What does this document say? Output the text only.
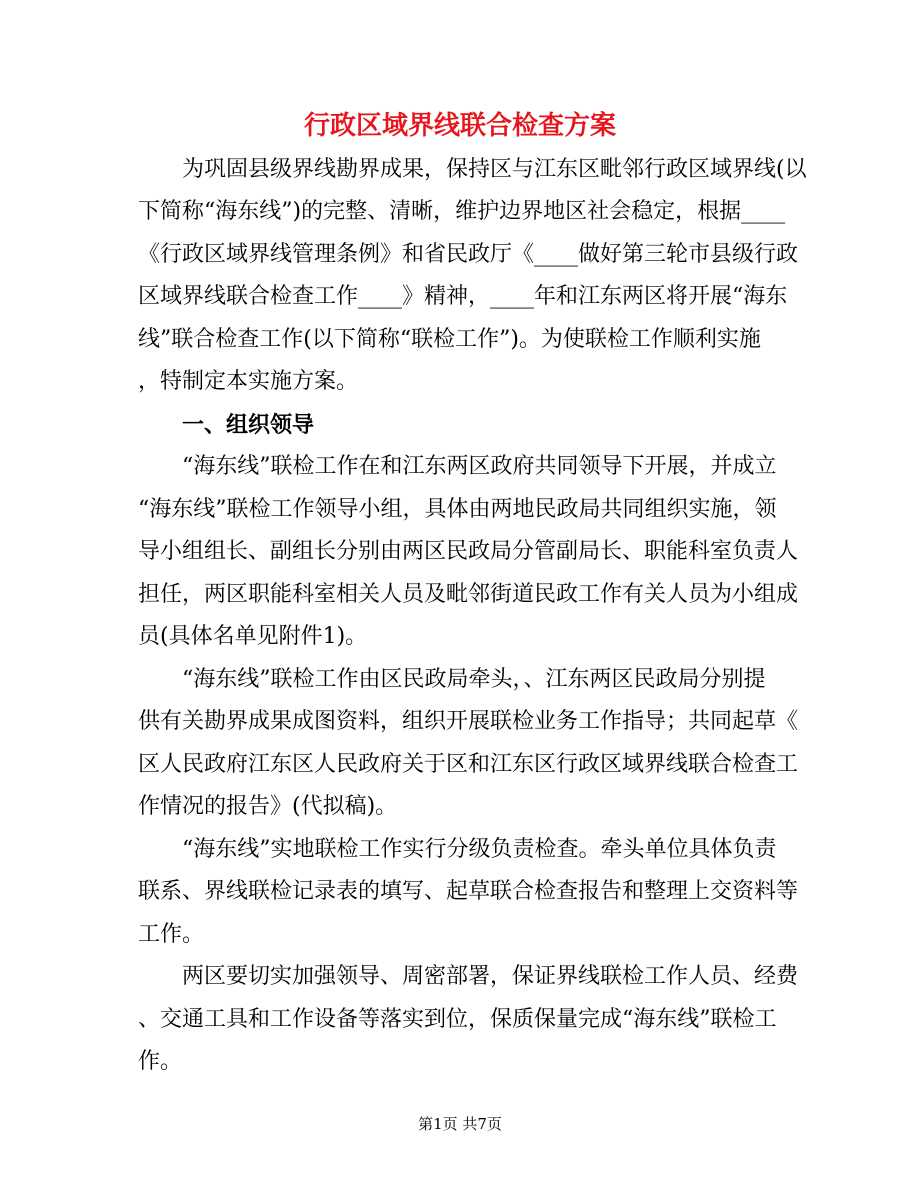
行政区域界线联合检查方案

　　为巩固县级界线勘界成果，保持区与江东区毗邻行政区域界线(以

下简称“海东线”)的完整、清晰，维护边界地区社会稳定，根据____

《行政区域界线管理条例》和省民政厅《____做好第三轮市县级行政

区域界线联合检查工作____》精神，____年和江东两区将开展“海东

线”联合检查工作(以下简称“联检工作”)。为使联检工作顺利实施

，特制定本实施方案。

　　一、组织领导

　　“海东线”联检工作在和江东两区政府共同领导下开展，并成立

“海东线”联检工作领导小组，具体由两地民政局共同组织实施，领

导小组组长、副组长分别由两区民政局分管副局长、职能科室负责人

担任，两区职能科室相关人员及毗邻街道民政工作有关人员为小组成

员(具体名单见附件1)。

　　“海东线”联检工作由区民政局牵头，、江东两区民政局分别提

供有关勘界成果成图资料，组织开展联检业务工作指导；共同起草《

区人民政府江东区人民政府关于区和江东区行政区域界线联合检查工

作情况的报告》(代拟稿)。

　　“海东线”实地联检工作实行分级负责检查。牵头单位具体负责

联系、界线联检记录表的填写、起草联合检查报告和整理上交资料等

工作。

　　两区要切实加强领导、周密部署，保证界线联检工作人员、经费

、交通工具和工作设备等落实到位，保质保量完成“海东线”联检工

作。

第1页 共7页
